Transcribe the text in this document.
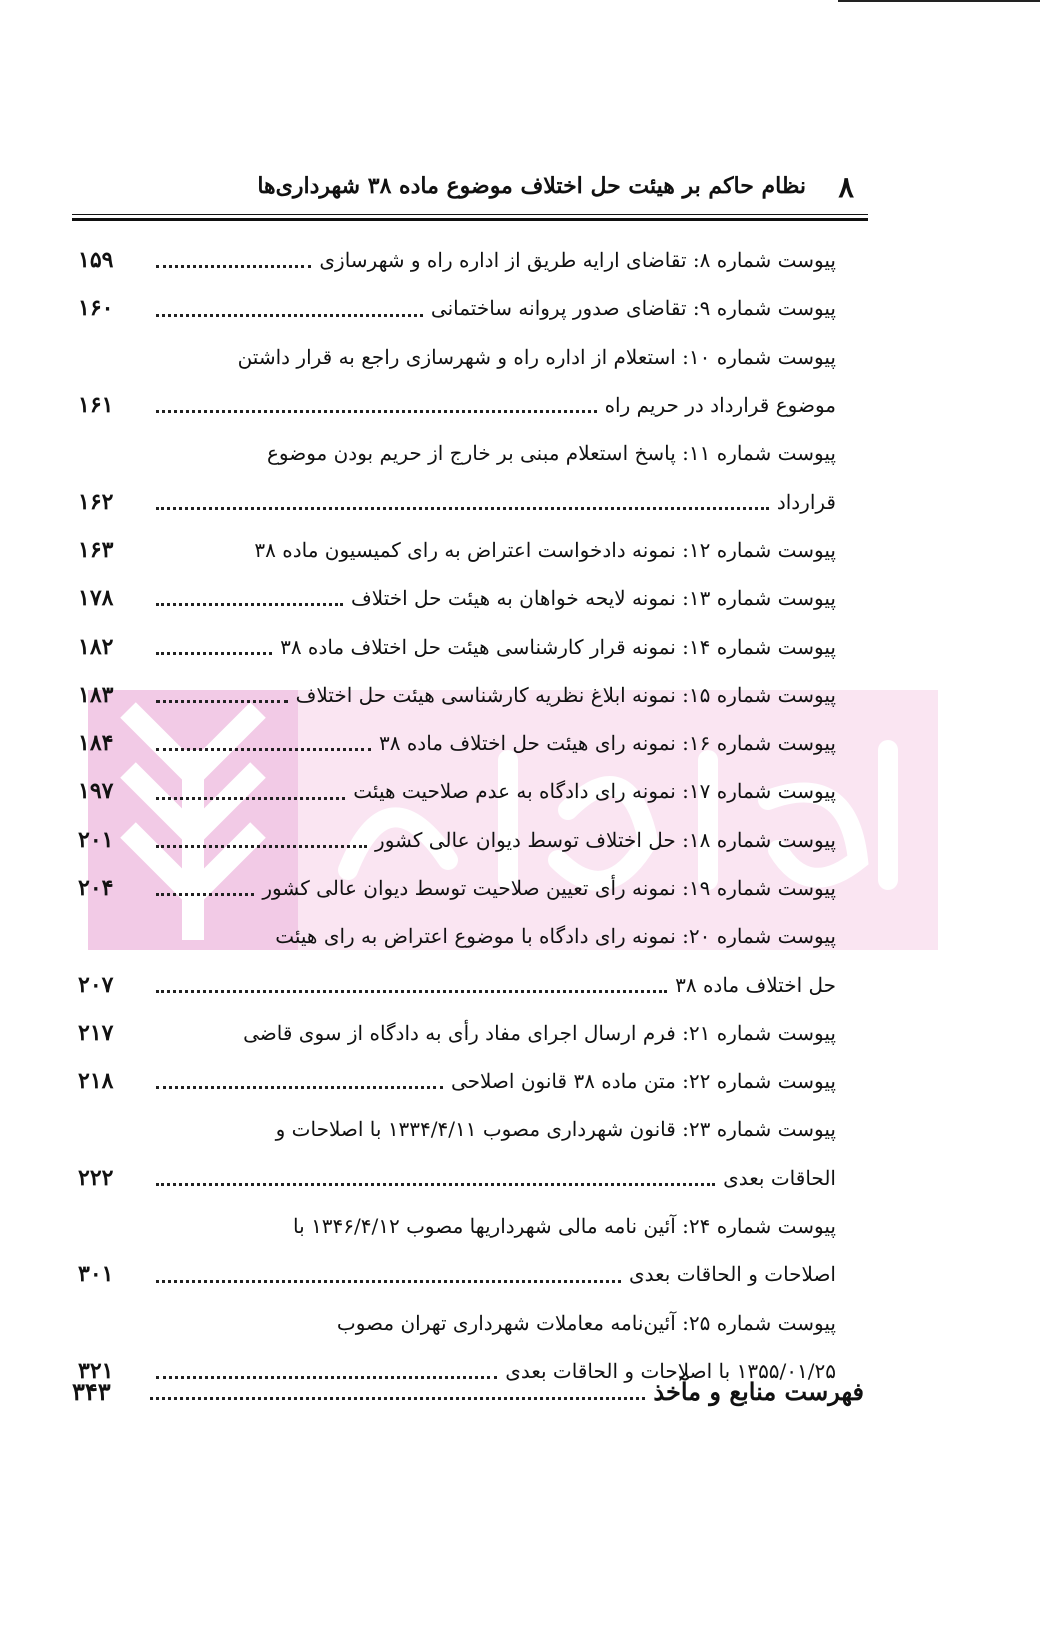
۸
نظام حاکم بر هیئت حل اختلاف موضوع ماده ۳۸ شهرداری‌ها
پیوست شماره ۸: تقاضای ارایه طریق از اداره راه و شهرسازی
۱۵۹
پیوست شماره ۹: تقاضای صدور پروانه ساختمانی
۱۶۰
پیوست شماره ۱۰: استعلام از اداره راه و شهرسازی راجع به قرار داشتن
موضوع قرارداد در حریم راه
۱۶۱
پیوست شماره ۱۱: پاسخ استعلام مبنی بر خارج از حریم بودن موضوع
قرارداد
۱۶۲
پیوست شماره ۱۲: نمونه دادخواست اعتراض به رای کمیسیون ماده ۳۸
۱۶۳
پیوست شماره ۱۳: نمونه لایحه خواهان به هیئت حل اختلاف
۱۷۸
پیوست شماره ۱۴: نمونه قرار کارشناسی هیئت حل اختلاف ماده ۳۸
۱۸۲
پیوست شماره ۱۵: نمونه ابلاغ نظریه کارشناسی هیئت حل اختلاف
۱۸۳
پیوست شماره ۱۶: نمونه رای هیئت حل اختلاف ماده ۳۸
۱۸۴
پیوست شماره ۱۷: نمونه رای دادگاه به عدم صلاحیت هیئت
۱۹۷
پیوست شماره ۱۸: حل اختلاف توسط دیوان عالی کشور
۲۰۱
پیوست شماره ۱۹: نمونه رأی تعیین صلاحیت توسط دیوان عالی کشور
۲۰۴
پیوست شماره ۲۰: نمونه رای دادگاه با موضوع اعتراض به رای هیئت
حل اختلاف ماده ۳۸
۲۰۷
پیوست شماره ۲۱: فرم ارسال اجرای مفاد رأی به دادگاه از سوی قاضی
۲۱۷
پیوست شماره ۲۲: متن ماده ۳۸ قانون اصلاحی
۲۱۸
پیوست شماره ۲۳: قانون شهرداری مصوب ۱۳۳۴/۴/۱۱ با اصلاحات و
الحاقات بعدی
۲۲۲
پیوست شماره ۲۴: آئین نامه مالی شهرداریها مصوب ۱۳۴۶/۴/۱۲ با
اصلاحات و الحاقات بعدی
۳۰۱
پیوست شماره ۲۵: آئین‌نامه معاملات شهرداری تهران مصوب
۱۳۵۵/۰۱/۲۵ با اصلاحات و الحاقات بعدی
۳۲۱
فهرست منابع و مآخذ
۳۴۳
